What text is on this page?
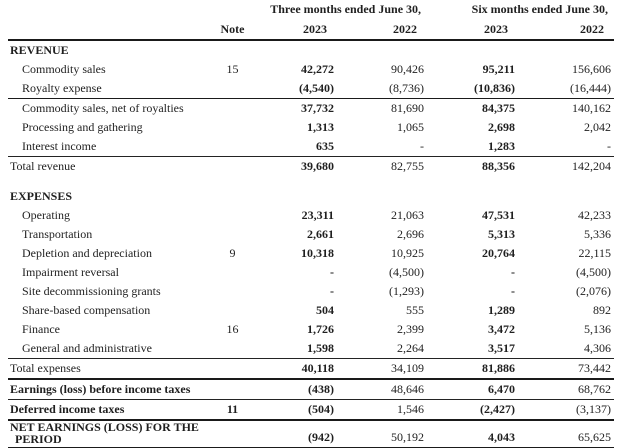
		Three months ended June 30,		Six months ended June 30,	
	Note	2023	2022	2023	2022
REVENUE					
Commodity sales	15	42,272	90,426	95,211	156,606
Royalty expense		(4,540)	(8,736)	(10,836)	(16,444)
Commodity sales, net of royalties		37,732	81,690	84,375	140,162
Processing and gathering		1,313	1,065	2,698	2,042
Interest income		635	-	1,283	-
Total revenue		39,680	82,755	88,356	142,204

EXPENSES					
Operating		23,311	21,063	47,531	42,233
Transportation		2,661	2,696	5,313	5,336
Depletion and depreciation	9	10,318	10,925	20,764	22,115
Impairment reversal		-	(4,500)	-	(4,500)
Site decommissioning grants		-	(1,293)	-	(2,076)
Share-based compensation		504	555	1,289	892
Finance	16	1,726	2,399	3,472	5,136
General and administrative		1,598	2,264	3,517	4,306
Total expenses		40,118	34,109	81,886	73,442
Earnings (loss) before income taxes		(438)	48,646	6,470	68,762
Deferred income taxes	11	(504)	1,546	(2,427)	(3,137)

NET EARNINGS (LOSS) FOR THE
PERIOD		(942)	50,192	4,043	65,625
